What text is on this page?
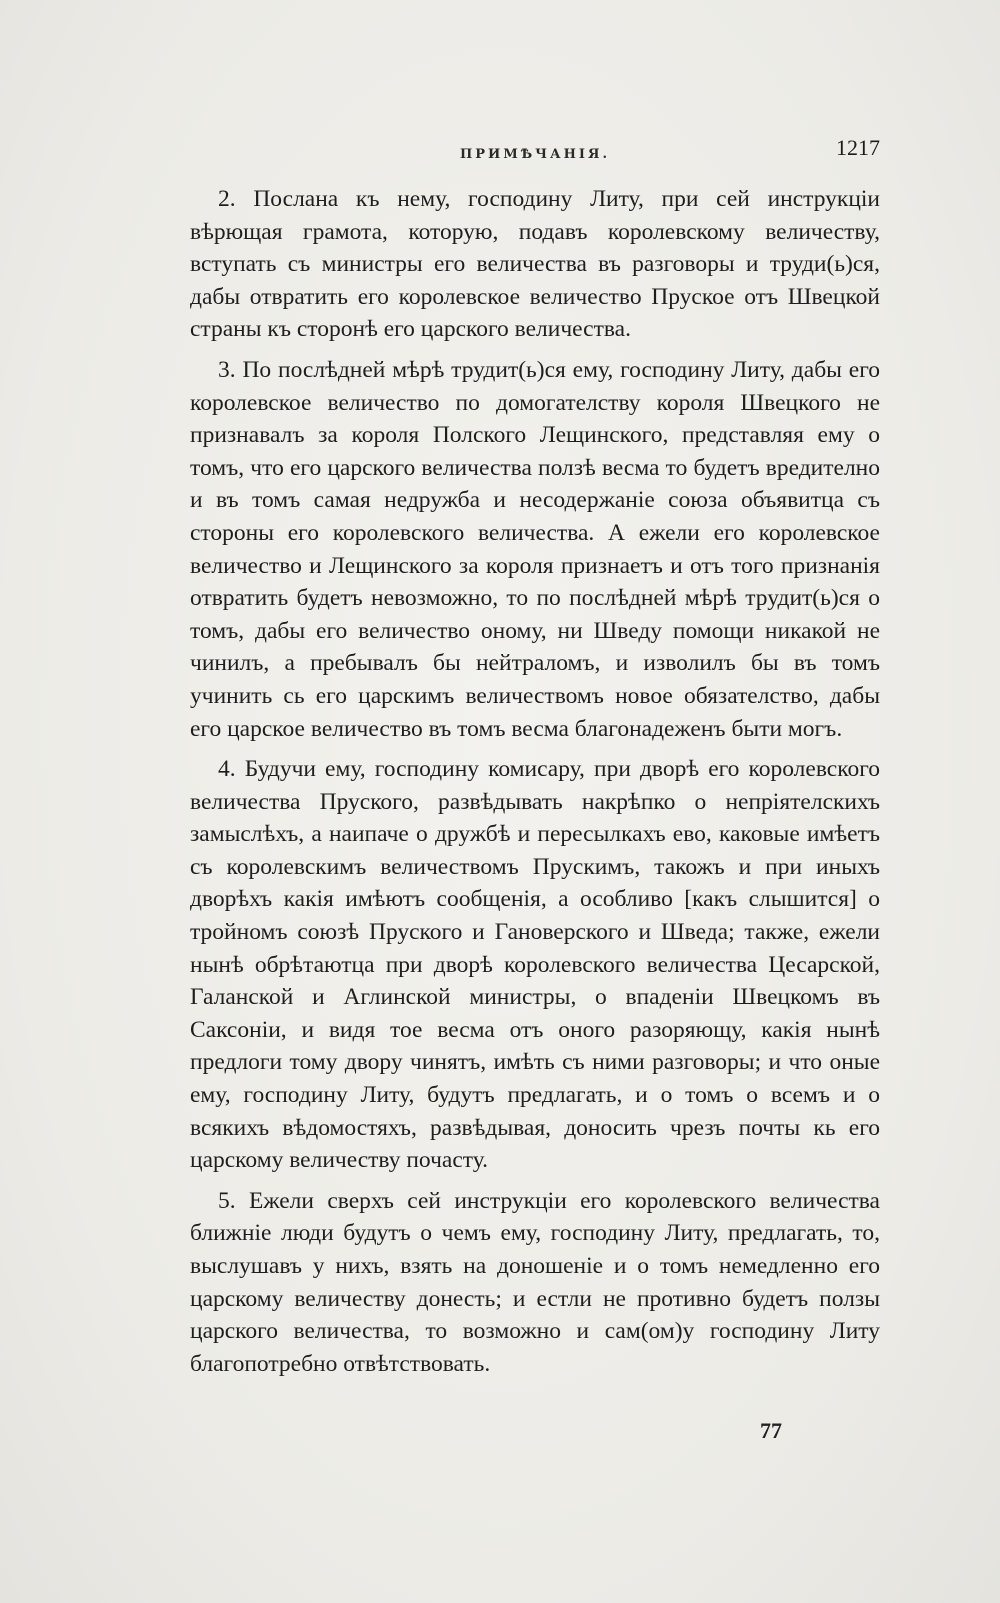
ПРИМѢЧАНІЯ.	1217

2. Послана къ нему, господину Литу, при сей инструкціи вѣрющая грамота, которую, подавъ королевскому величеству, вступать съ министры его величества въ разговоры и труди(ь)ся, дабы отвратить его королевское величество Пруское отъ Швецкой страны къ сторонѣ его царского величества.

3. По послѣдней мѣрѣ трудит(ь)ся ему, господину Литу, дабы его королевское величество по домогателству короля Швецкого не признавалъ за короля Полского Лещинского, представляя ему о томъ, что его царского величества ползѣ весма то будетъ вредително и въ томъ самая недружба и несодержаніе союза объявитца съ стороны его королевского величества. А ежели его королевское величество и Лещинского за короля признаетъ и отъ того признанія отвратить будетъ невозможно, то по послѣдней мѣрѣ трудит(ь)ся о томъ, дабы его величество оному, ни Шведу помощи никакой не чинилъ, а пребывалъ бы нейтраломъ, и изволилъ бы въ томъ учинить сь его царскимъ величествомъ новое обязателство, дабы его царское величество въ томъ весма благонадеженъ быти могъ.

4. Будучи ему, господину комисару, при дворѣ его королевского величества Пруского, развѣдывать накрѣпко о непріятелскихъ замыслѣхъ, а наипаче о дружбѣ и пересылкахъ ево, каковые имѣетъ съ королевскимъ величествомъ Прускимъ, такожъ и при иныхъ дворѣхъ какія имѣютъ сообщенія, а особливо [какъ слышится] о тройномъ союзѣ Пруского и Гановерского и Шведа; также, ежели нынѣ обрѣтаютца при дворѣ королевского величества Цесарской, Галанской и Аглинской министры, о впаденіи Швецкомъ въ Саксоніи, и видя тое весма отъ оного разоряющу, какія нынѣ предлоги тому двору чинятъ, имѣть съ ними разговоры; и что оные ему, господину Литу, будутъ предлагать, и о томъ о всемъ и о всякихъ вѣдомостяхъ, развѣдывая, доносить чрезъ почты кь его царскому величеству почасту.

5. Ежели сверхъ сей инструкціи его королевского величества ближніе люди будутъ о чемъ ему, господину Литу, предлагать, то, выслушавъ у нихъ, взять на доношеніе и о томъ немедленно его царскому величеству донесть; и естли не противно будетъ ползы царского величества, то возможно и сам(ом)у господину Литу благопотребно отвѣтствовать.

77
